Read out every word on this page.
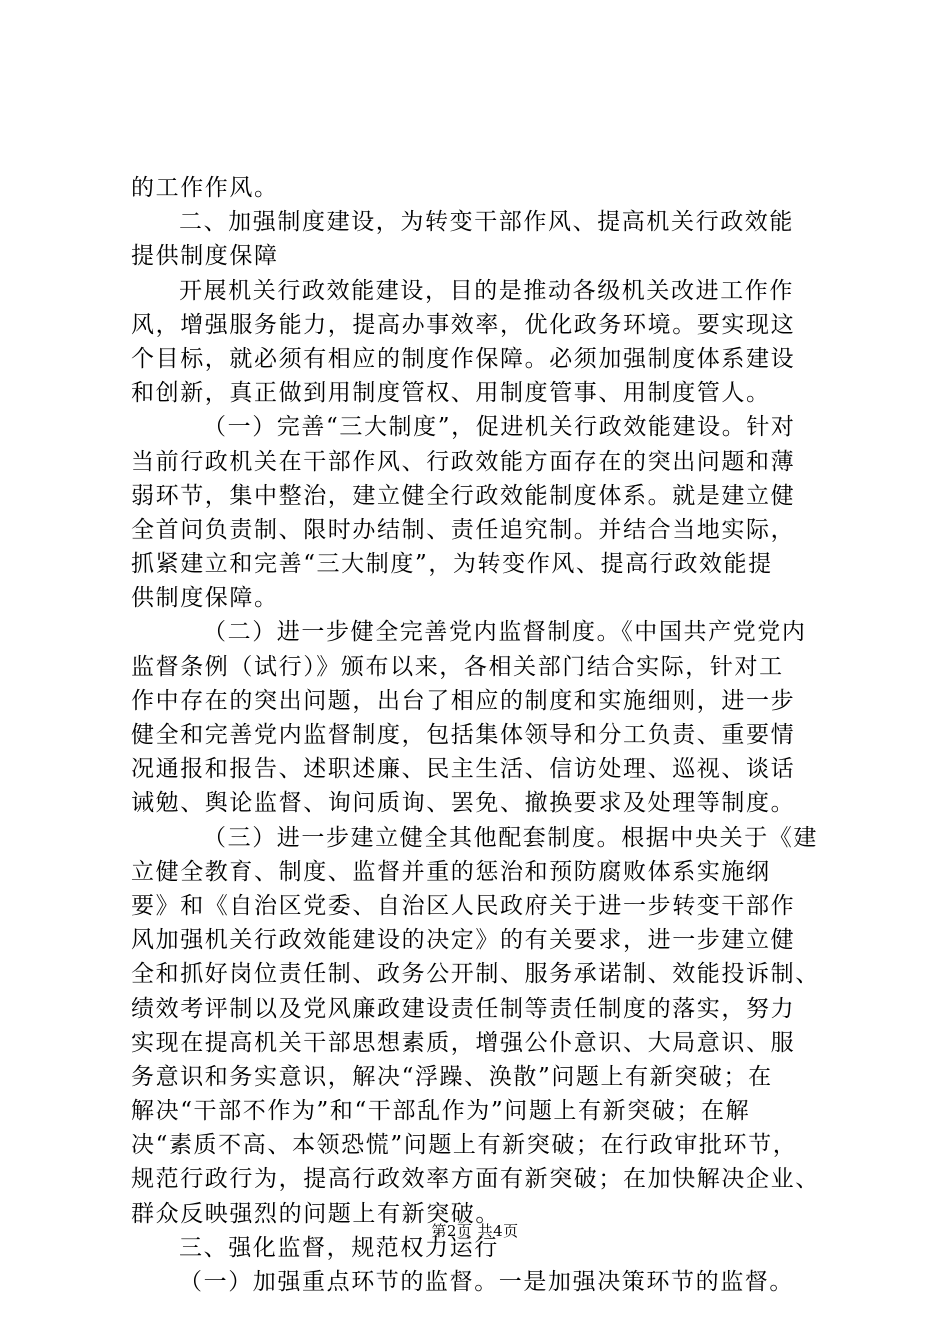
的工作作风。
二、加强制度建设，为转变干部作风、提高机关行政效能
提供制度保障
开展机关行政效能建设，目的是推动各级机关改进工作作
风，增强服务能力，提高办事效率，优化政务环境。要实现这
个目标，就必须有相应的制度作保障。必须加强制度体系建设
和创新，真正做到用制度管权、用制度管事、用制度管人。
（一）完善“三大制度”，促进机关行政效能建设。针对
当前行政机关在干部作风、行政效能方面存在的突出问题和薄
弱环节，集中整治，建立健全行政效能制度体系。就是建立健
全首问负责制、限时办结制、责任追究制。并结合当地实际，
抓紧建立和完善“三大制度”，为转变作风、提高行政效能提
供制度保障。
（二）进一步健全完善党内监督制度。《中国共产党党内
监督条例（试行）》颁布以来，各相关部门结合实际，针对工
作中存在的突出问题，出台了相应的制度和实施细则，进一步
健全和完善党内监督制度，包括集体领导和分工负责、重要情
况通报和报告、述职述廉、民主生活、信访处理、巡视、谈话
诫勉、舆论监督、询问质询、罢免、撤换要求及处理等制度。
（三）进一步建立健全其他配套制度。根据中央关于《建
立健全教育、制度、监督并重的惩治和预防腐败体系实施纲
要》和《自治区党委、自治区人民政府关于进一步转变干部作
风加强机关行政效能建设的决定》的有关要求，进一步建立健
全和抓好岗位责任制、政务公开制、服务承诺制、效能投诉制、
绩效考评制以及党风廉政建设责任制等责任制度的落实，努力
实现在提高机关干部思想素质，增强公仆意识、大局意识、服
务意识和务实意识，解决“浮躁、涣散”问题上有新突破；在
解决“干部不作为”和“干部乱作为”问题上有新突破；在解
决“素质不高、本领恐慌”问题上有新突破；在行政审批环节，
规范行政行为，提高行政效率方面有新突破；在加快解决企业、
群众反映强烈的问题上有新突破。
三、强化监督，规范权力运行
（一）加强重点环节的监督。一是加强决策环节的监督。
第2页 共4页
